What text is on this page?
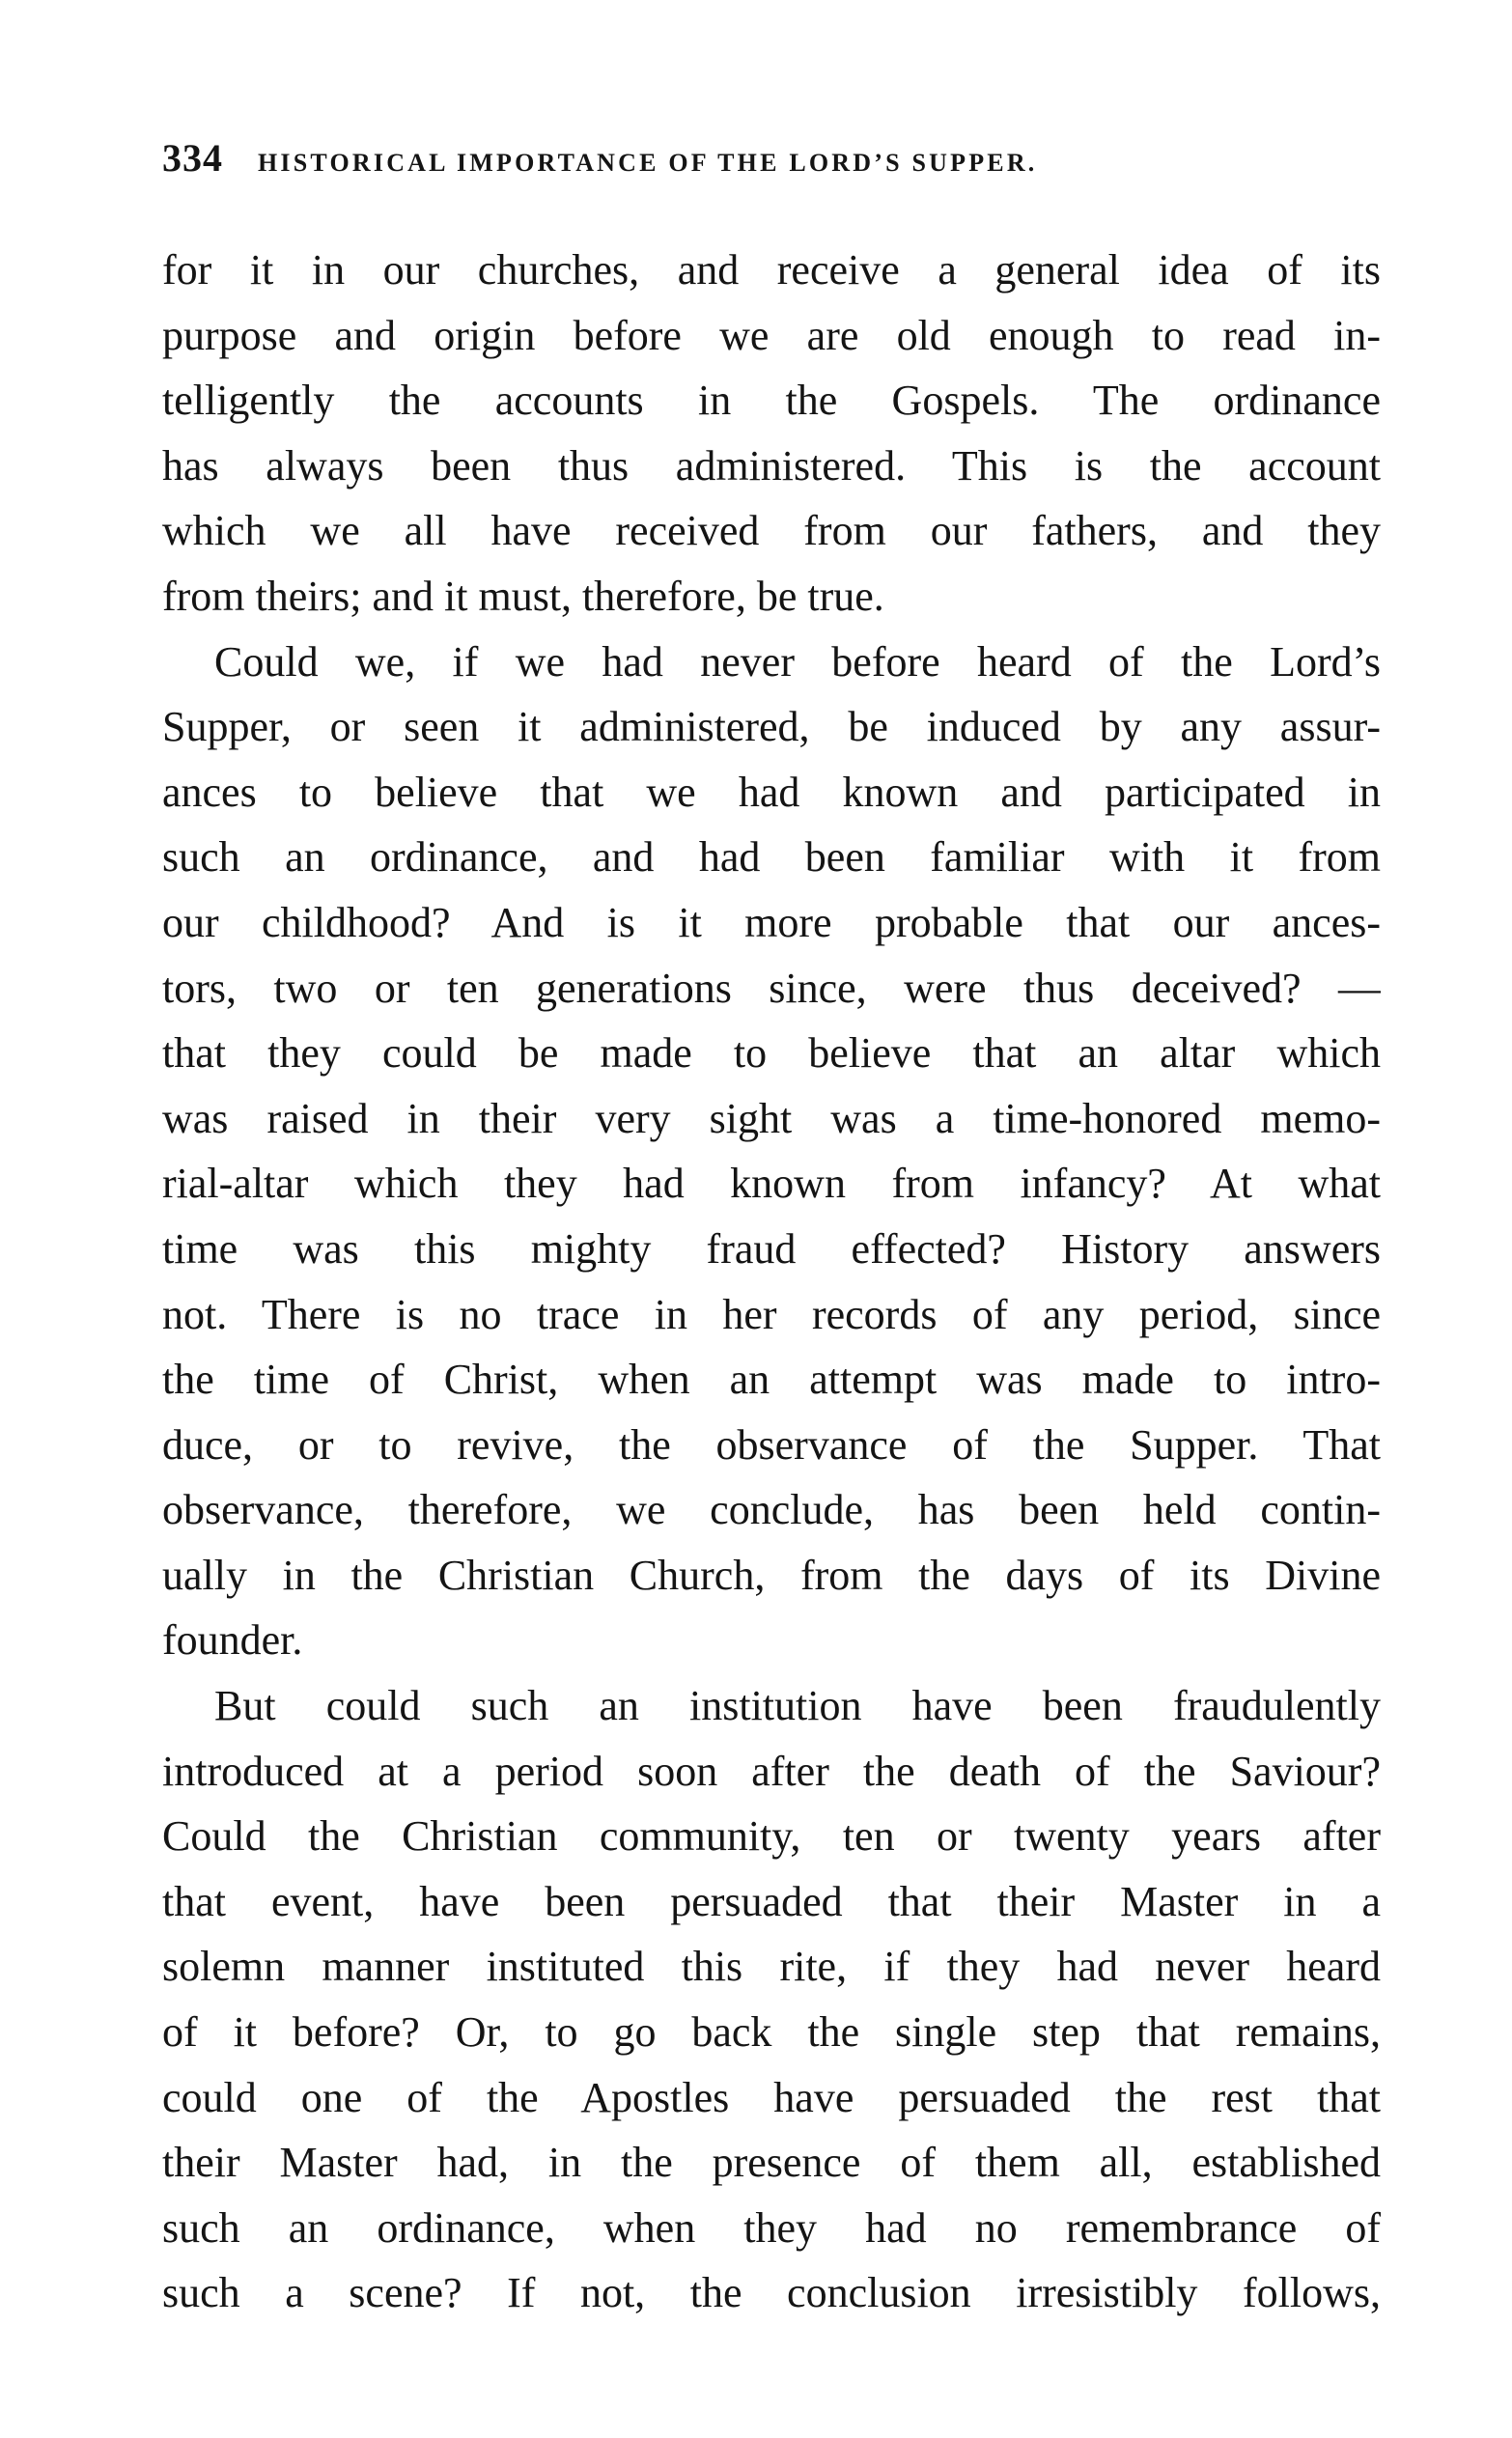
334 HISTORICAL IMPORTANCE OF THE LORD’S SUPPER.
for it in our churches, and receive a general idea of its
purpose and origin before we are old enough to read in-
telligently the accounts in the Gospels. The ordinance
has always been thus administered. This is the account
which we all have received from our fathers, and they
from theirs; and it must, therefore, be true.
Could we, if we had never before heard of the Lord’s
Supper, or seen it administered, be induced by any assur-
ances to believe that we had known and participated in
such an ordinance, and had been familiar with it from
our childhood? And is it more probable that our ances-
tors, two or ten generations since, were thus deceived? —
that they could be made to believe that an altar which
was raised in their very sight was a time-honored memo-
rial-altar which they had known from infancy? At what
time was this mighty fraud effected? History answers
not. There is no trace in her records of any period, since
the time of Christ, when an attempt was made to intro-
duce, or to revive, the observance of the Supper. That
observance, therefore, we conclude, has been held contin-
ually in the Christian Church, from the days of its Divine
founder.
But could such an institution have been fraudulently
introduced at a period soon after the death of the Saviour?
Could the Christian community, ten or twenty years after
that event, have been persuaded that their Master in a
solemn manner instituted this rite, if they had never heard
of it before? Or, to go back the single step that remains,
could one of the Apostles have persuaded the rest that
their Master had, in the presence of them all, established
such an ordinance, when they had no remembrance of
such a scene? If not, the conclusion irresistibly follows,
